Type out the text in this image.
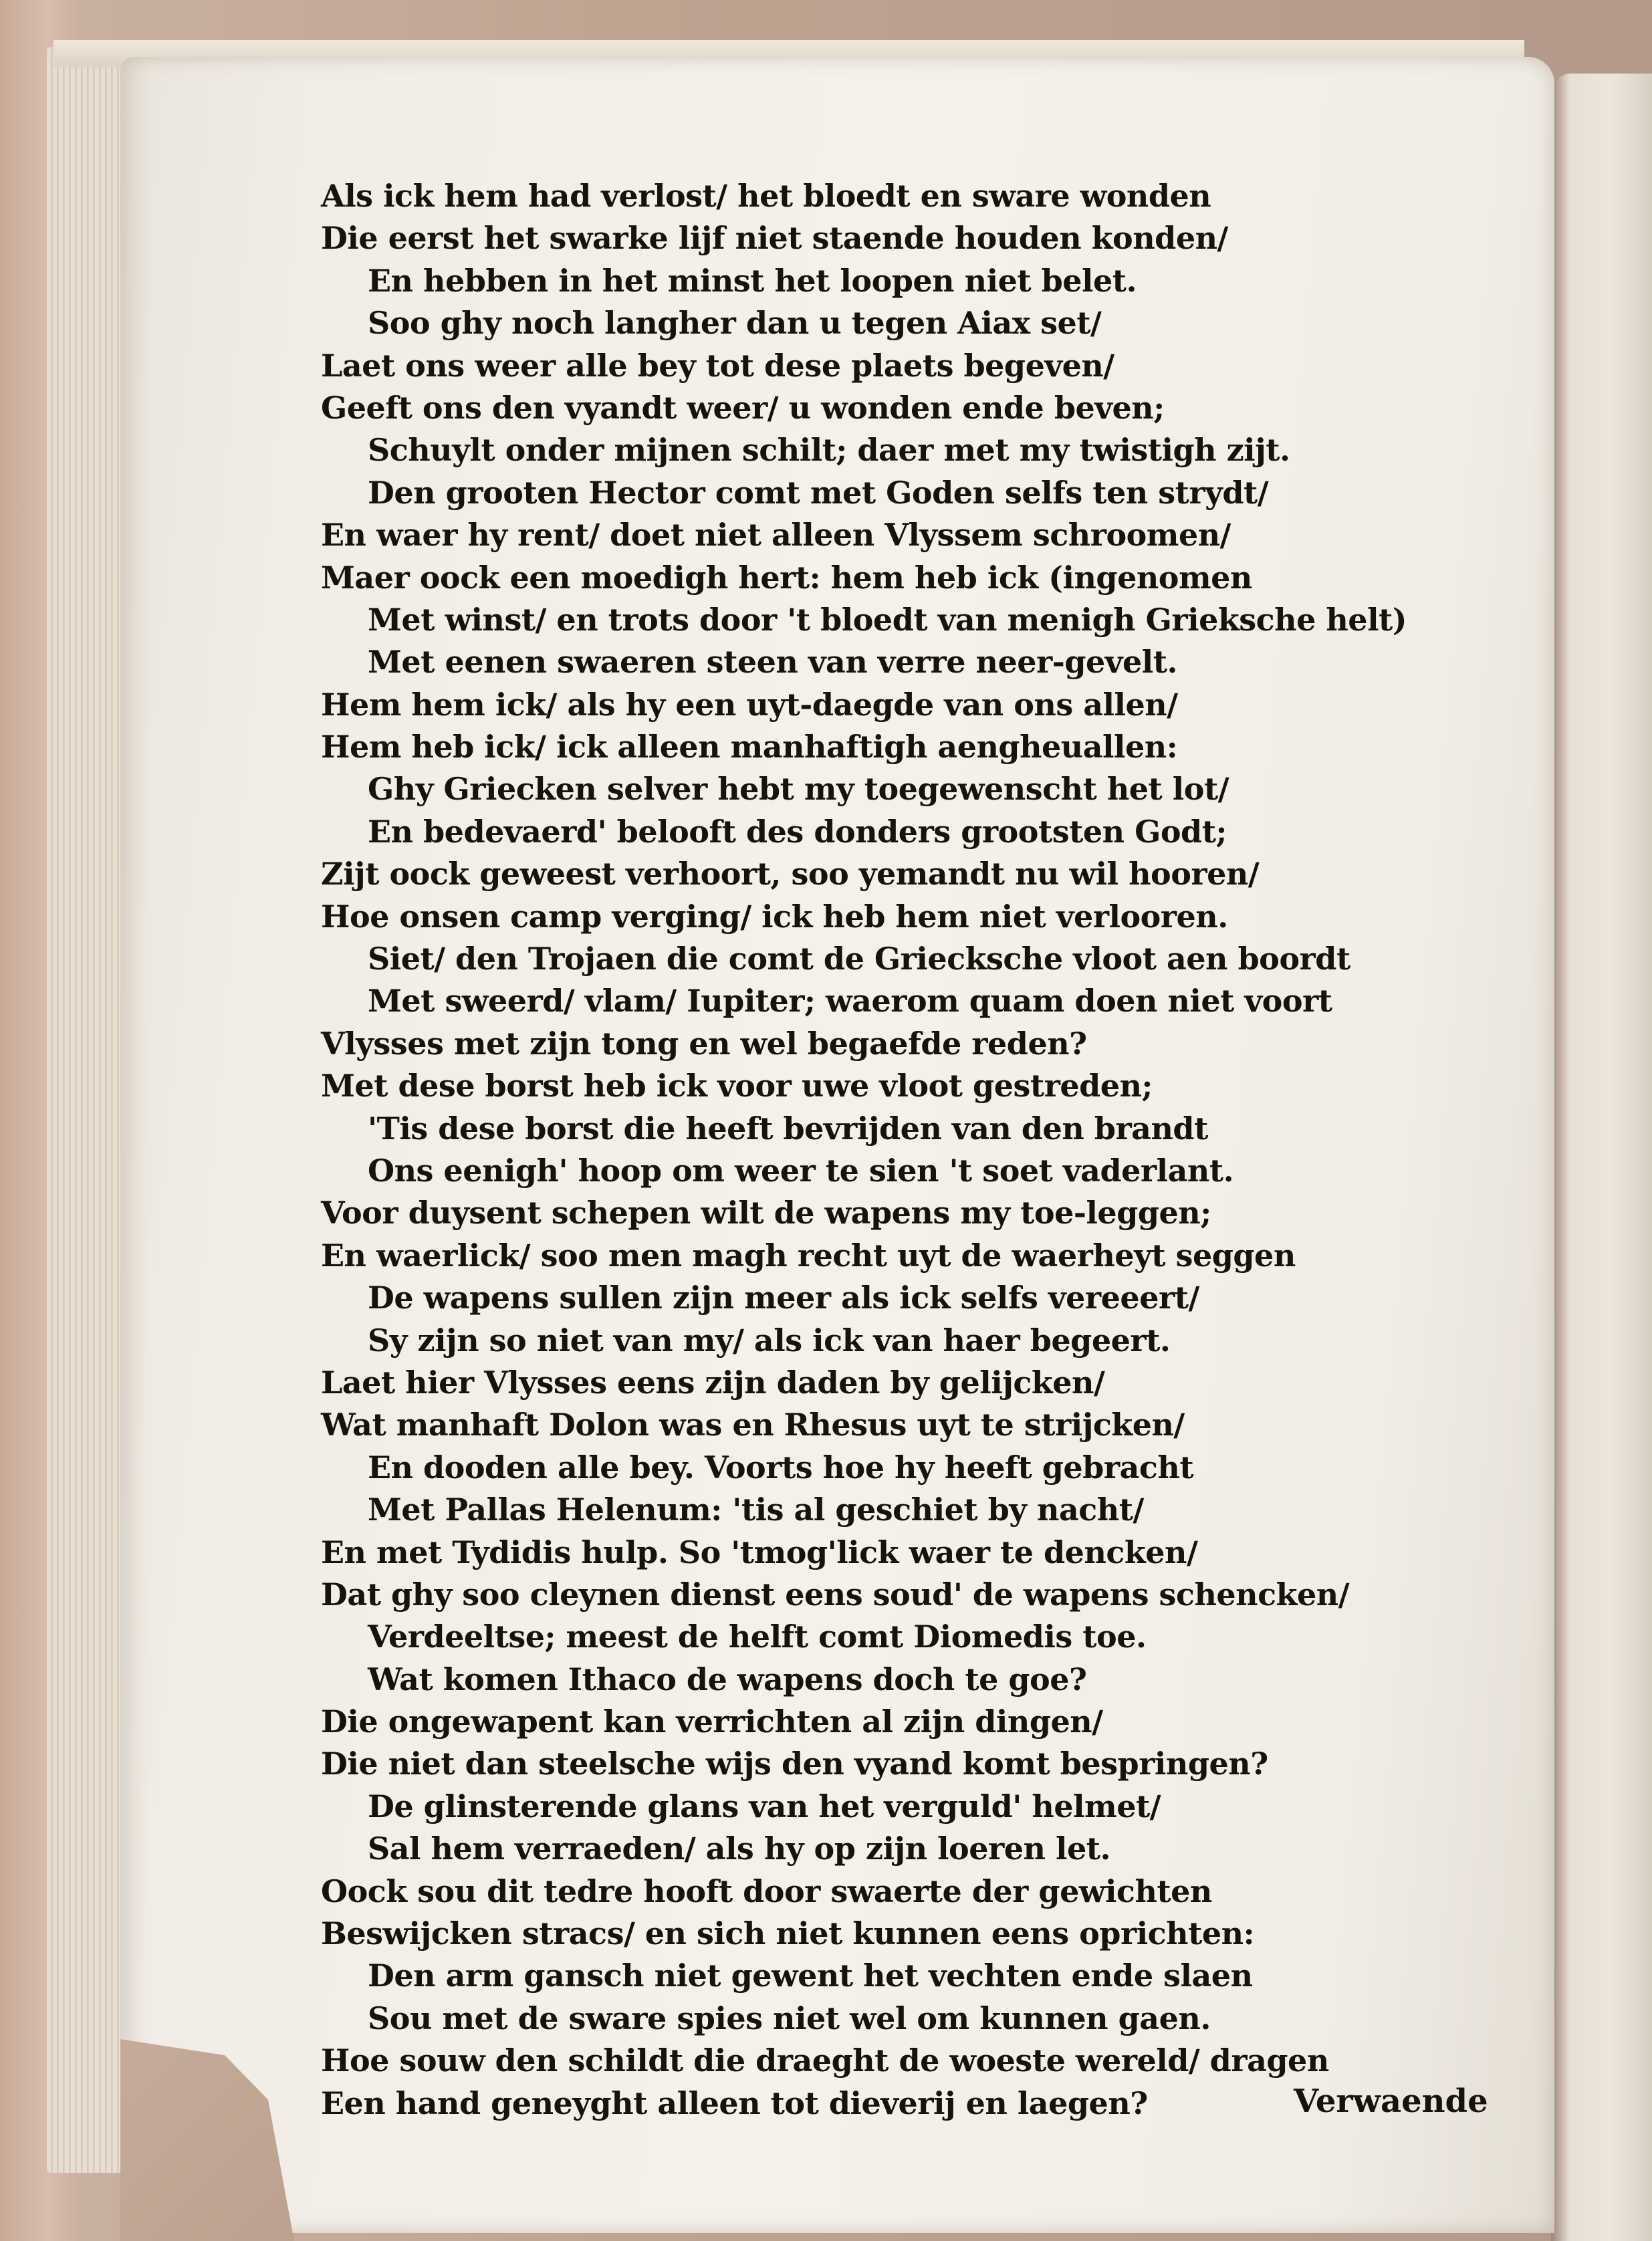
Als ick hem had verlost/ het bloedt en sware wonden
Die eerst het swarke lijf niet staende houden konden/
En hebben in het minst het loopen niet belet.
Soo ghy noch langher dan u tegen Aiax set/
Laet ons weer alle bey tot dese plaets begeven/
Geeft ons den vyandt weer/ u wonden ende beven;
Schuylt onder mijnen schilt; daer met my twistigh zijt.
Den grooten Hector comt met Goden selfs ten strydt/
En waer hy rent/ doet niet alleen Vlyssem schroomen/
Maer oock een moedigh hert: hem heb ick (ingenomen
Met winst/ en trots door 't bloedt van menigh Grieksche helt)
Met eenen swaeren steen van verre neer-gevelt.
Hem hem ick/ als hy een uyt-daegde van ons allen/
Hem heb ick/ ick alleen manhaftigh aengheuallen:
Ghy Griecken selver hebt my toegewenscht het lot/
En bedevaerd' belooft des donders grootsten Godt;
Zijt oock geweest verhoort, soo yemandt nu wil hooren/
Hoe onsen camp verging/ ick heb hem niet verlooren.
Siet/ den Trojaen die comt de Griecksche vloot aen boordt
Met sweerd/ vlam/ Iupiter; waerom quam doen niet voort
Vlysses met zijn tong en wel begaefde reden?
Met dese borst heb ick voor uwe vloot gestreden;
'Tis dese borst die heeft bevrijden van den brandt
Ons eenigh' hoop om weer te sien 't soet vaderlant.
Voor duysent schepen wilt de wapens my toe-leggen;
En waerlick/ soo men magh recht uyt de waerheyt seggen
De wapens sullen zijn meer als ick selfs vereeert/
Sy zijn so niet van my/ als ick van haer begeert.
Laet hier Vlysses eens zijn daden by gelijcken/
Wat manhaft Dolon was en Rhesus uyt te strijcken/
En dooden alle bey. Voorts hoe hy heeft gebracht
Met Pallas Helenum: 'tis al geschiet by nacht/
En met Tydidis hulp. So 'tmog'lick waer te dencken/
Dat ghy soo cleynen dienst eens soud' de wapens schencken/
Verdeeltse; meest de helft comt Diomedis toe.
Wat komen Ithaco de wapens doch te goe?
Die ongewapent kan verrichten al zijn dingen/
Die niet dan steelsche wijs den vyand komt bespringen?
De glinsterende glans van het verguld' helmet/
Sal hem verraeden/ als hy op zijn loeren let.
Oock sou dit tedre hooft door swaerte der gewichten
Beswijcken stracs/ en sich niet kunnen eens oprichten:
Den arm gansch niet gewent het vechten ende slaen
Sou met de sware spies niet wel om kunnen gaen.
Hoe souw den schildt die draeght de woeste wereld/ dragen
Een hand geneyght alleen tot dieverij en laegen?	Verwaende
